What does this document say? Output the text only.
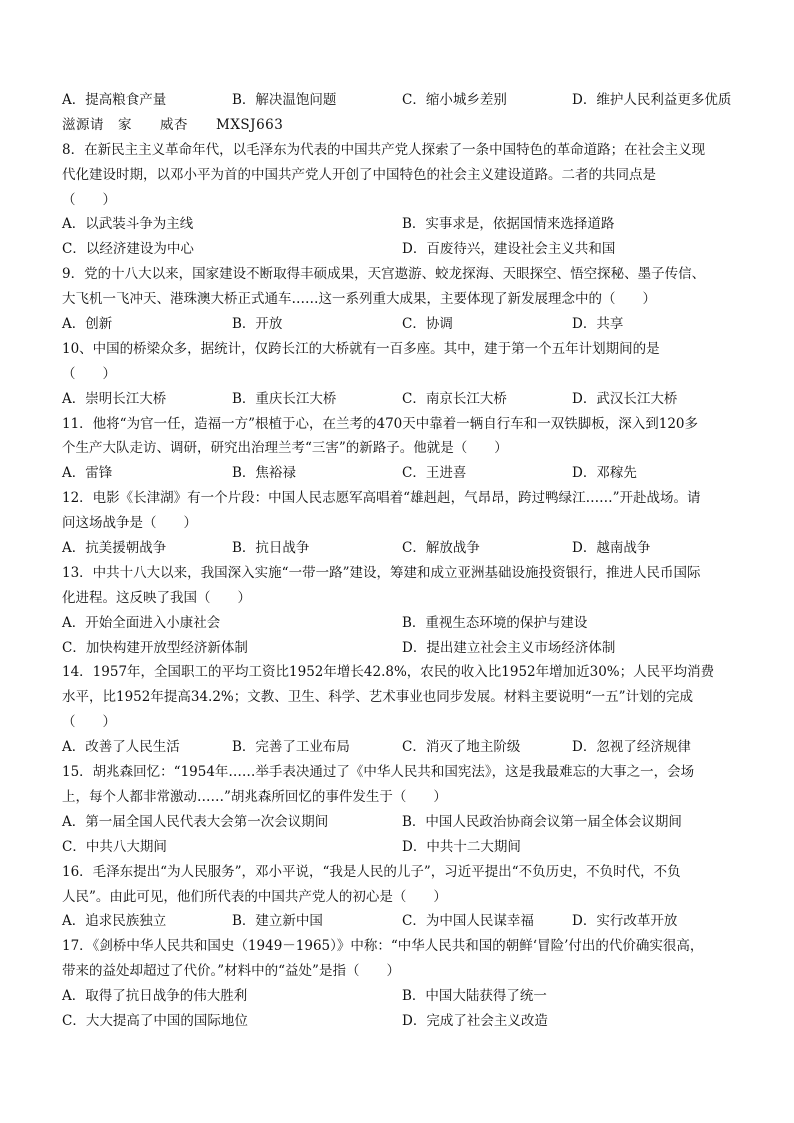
A．提高粮食产量	B．解决温饱问题	C．缩小城乡差别	D．维护人民利益更多优质
滋源请　家　　威杏　　MXSJ663
8．在新民主主义革命年代，以毛泽东为代表的中国共产党人探索了一条中国特色的革命道路；在社会主义现
代化建设时期，以邓小平为首的中国共产党人开创了中国特色的社会主义建设道路。二者的共同点是
（　　）
A．以武装斗争为主线	B．实事求是，依据国情来选择道路
C．以经济建设为中心	D．百废待兴，建设社会主义共和国
9．党的十八大以来，国家建设不断取得丰硕成果，天宫遨游、蛟龙探海、天眼探空、悟空探秘、墨子传信、
大飞机一飞冲天、港珠澳大桥正式通车……这一系列重大成果，主要体现了新发展理念中的（　　）
A．创新	B．开放	C．协调	D．共享
10、中国的桥梁众多，据统计，仅跨长江的大桥就有一百多座。其中，建于第一个五年计划期间的是
（　　）
A．崇明长江大桥	B．重庆长江大桥	C．南京长江大桥	D．武汉长江大桥
11．他将“为官一任，造福一方”根植于心，在兰考的470天中靠着一辆自行车和一双铁脚板，深入到120多
个生产大队走访、调研，研究出治理兰考“三害”的新路子。他就是（　　）
A．雷锋	B．焦裕禄	C．王进喜	D．邓稼先
12．电影《长津湖》有一个片段：中国人民志愿军高唱着“雄赳赳，气昂昂，跨过鸭绿江……”开赴战场。请
问这场战争是（　　）
A．抗美援朝战争	B．抗日战争	C．解放战争	D．越南战争
13．中共十八大以来，我国深入实施“一带一路”建设，筹建和成立亚洲基础设施投资银行，推进人民币国际
化进程。这反映了我国（　　）
A．开始全面进入小康社会	B．重视生态环境的保护与建设
C．加快构建开放型经济新体制	D．提出建立社会主义市场经济体制
14．1957年，全国职工的平均工资比1952年增长42.8%，农民的收入比1952年增加近30%；人民平均消费
水平，比1952年提高34.2%；文教、卫生、科学、艺术事业也同步发展。材料主要说明“一五”计划的完成
（　　）
A．改善了人民生活	B．完善了工业布局	C．消灭了地主阶级	D．忽视了经济规律
15．胡兆森回忆：“1954年……举手表决通过了《中华人民共和国宪法》，这是我最难忘的大事之一，会场
上，每个人都非常激动……”胡兆森所回忆的事件发生于（　　）
A．第一届全国人民代表大会第一次会议期间	B．中国人民政治协商会议第一届全体会议期间
C．中共八大期间	D．中共十二大期间
16．毛泽东提出“为人民服务”，邓小平说，“我是人民的儿子”，习近平提出“不负历史，不负时代，不负
人民”。由此可见，他们所代表的中国共产党人的初心是（　　）
A．追求民族独立	B．建立新中国	C．为中国人民谋幸福	D．实行改革开放
17．《剑桥中华人民共和国史（1949－1965）》中称：“中华人民共和国的朝鲜‘冒险’付出的代价确实很高，
带来的益处却超过了代价。”材料中的“益处”是指（　　）
A．取得了抗日战争的伟大胜利	B．中国大陆获得了统一
C．大大提高了中国的国际地位	D．完成了社会主义改造
